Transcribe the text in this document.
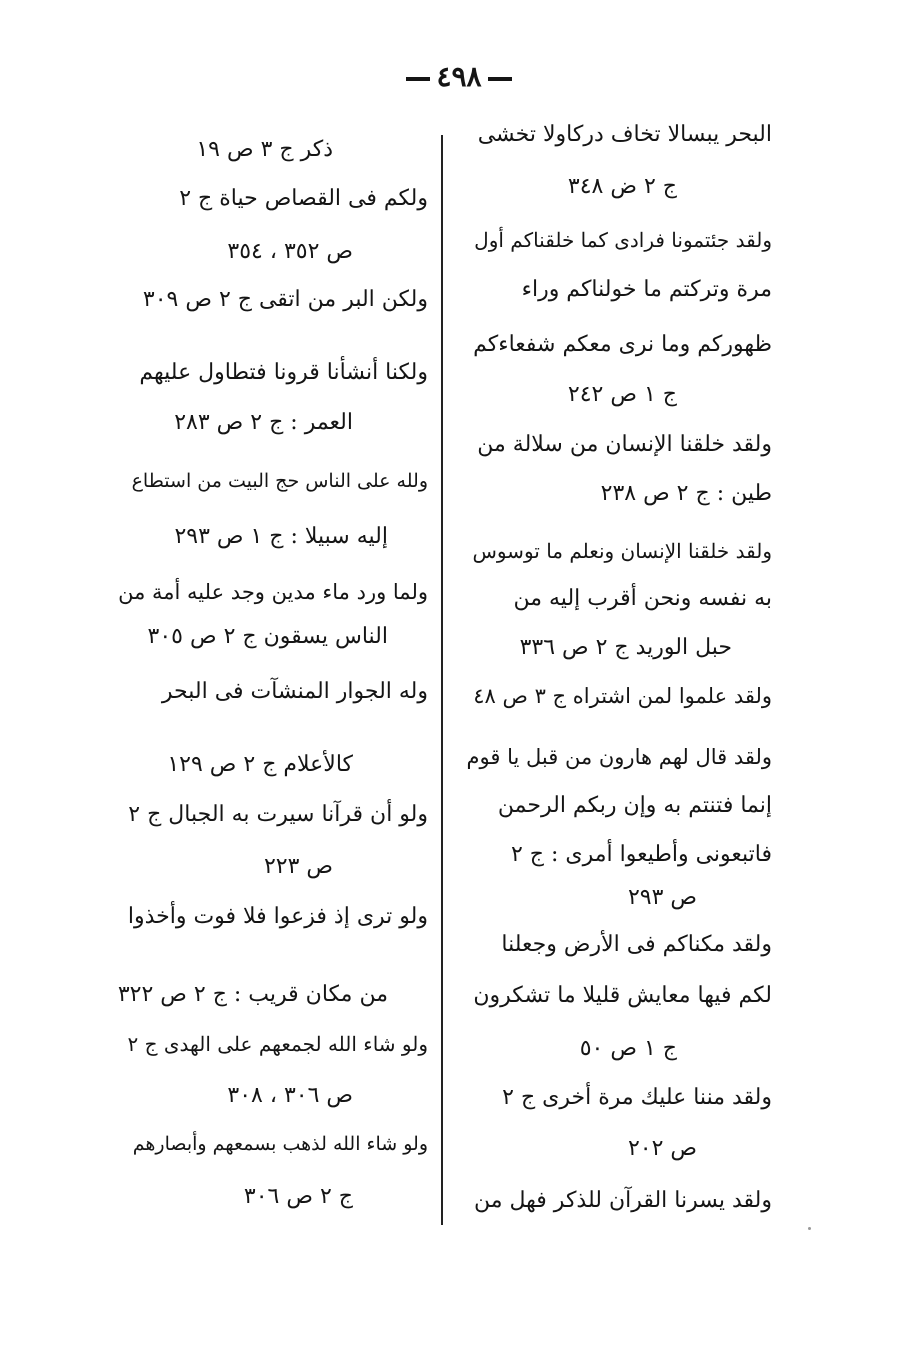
٤٩٨
البحر يبسالا تخاف دركاولا تخشى
ج ٢ ض ٣٤٨
ولقد جئتمونا فرادى كما خلقناكم أول
مرة وتركتم ما خولناكم وراء
ظهوركم وما نرى معكم شفعاءكم
ج ١ ص ٢٤٢
ولقد خلقنا الإنسان من سلالة من
طين : ج ٢ ص ٢٣٨
ولقد خلقنا الإنسان ونعلم ما توسوس
به نفسه ونحن أقرب إليه من
حبل الوريد ج ٢ ص ٣٣٦
ولقد علموا لمن اشتراه ج ٣ ص ٤٨
ولقد قال لهم هارون من قبل يا قوم
إنما فتنتم به وإن ربكم الرحمن
فاتبعونى وأطيعوا أمرى : ج ٢
ص ٢٩٣
ولقد مكناكم فى الأرض وجعلنا
لكم فيها معايش قليلا ما تشكرون
ج ١ ص ٥٠
ولقد مننا عليك مرة أخرى ج ٢
ص ٢٠٢
ولقد يسرنا القرآن للذكر فهل من
ذكر ج ٣ ص ١٩
ولكم فى القصاص حياة ج ٢
ص ٣٥٢ ، ٣٥٤
ولكن البر من اتقى ج ٢ ص ٣٠٩
ولكنا أنشأنا قرونا فتطاول عليهم
العمر : ج ٢ ص ٢٨٣
ولله على الناس حج البيت من استطاع
إليه سبيلا : ج ١ ص ٢٩٣
ولما ورد ماء مدين وجد عليه أمة من
الناس يسقون ج ٢ ص ٣٠٥
وله الجوار المنشآت فى البحر
كالأعلام ج ٢ ص ١٢٩
ولو أن قرآنا سيرت به الجبال ج ٢
ص ٢٢٣
ولو ترى إذ فزعوا فلا فوت وأخذوا
من مكان قريب : ج ٢ ص ٣٢٢
ولو شاء الله لجمعهم على الهدى ج ٢
ص ٣٠٦ ، ٣٠٨
ولو شاء الله لذهب بسمعهم وأبصارهم
ج ٢ ص ٣٠٦
